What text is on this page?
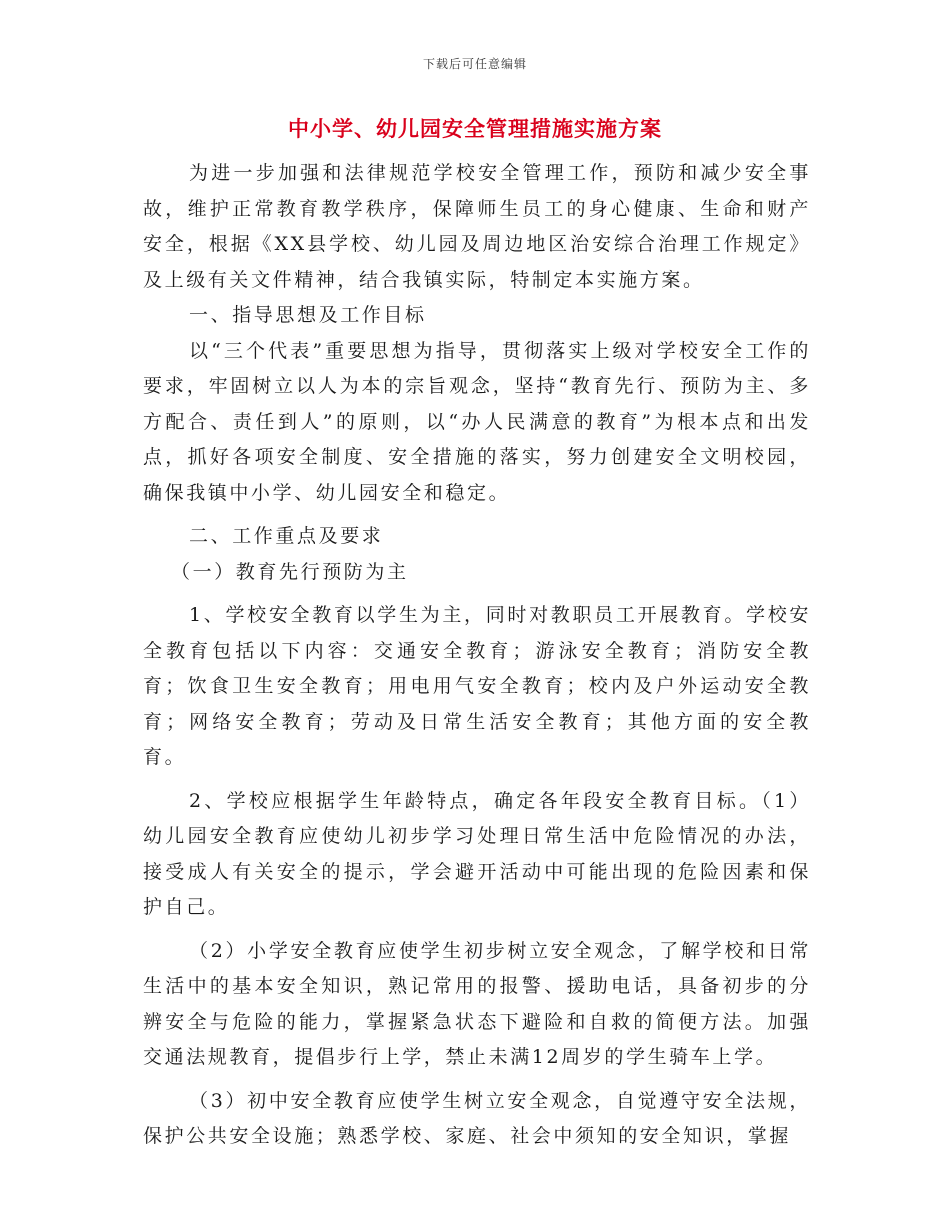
下载后可任意编辑
中小学、幼儿园安全管理措施实施方案

为进一步加强和法律规范学校安全管理工作，预防和减少安全事故，维护正常教育教学秩序，保障师生员工的身心健康、生命和财产安全，根据《XX县学校、幼儿园及周边地区治安综合治理工作规定》及上级有关文件精神，结合我镇实际，特制定本实施方案。

一、指导思想及工作目标

以“三个代表”重要思想为指导，贯彻落实上级对学校安全工作的要求，牢固树立以人为本的宗旨观念，坚持“教育先行、预防为主、多方配合、责任到人”的原则，以“办人民满意的教育”为根本点和出发点，抓好各项安全制度、安全措施的落实，努力创建安全文明校园，确保我镇中小学、幼儿园安全和稳定。

二、工作重点及要求

（一）教育先行预防为主

1、学校安全教育以学生为主，同时对教职员工开展教育。学校安全教育包括以下内容：交通安全教育；游泳安全教育；消防安全教育；饮食卫生安全教育；用电用气安全教育；校内及户外运动安全教育；网络安全教育；劳动及日常生活安全教育；其他方面的安全教育。

2、学校应根据学生年龄特点，确定各年段安全教育目标。（1）幼儿园安全教育应使幼儿初步学习处理日常生活中危险情况的办法，接受成人有关安全的提示，学会避开活动中可能出现的危险因素和保护自己。

（2）小学安全教育应使学生初步树立安全观念，了解学校和日常生活中的基本安全知识，熟记常用的报警、援助电话，具备初步的分辨安全与危险的能力，掌握紧急状态下避险和自救的简便方法。加强交通法规教育，提倡步行上学，禁止未满12周岁的学生骑车上学。

（3）初中安全教育应使学生树立安全观念，自觉遵守安全法规，保护公共安全设施；熟悉学校、家庭、社会中须知的安全知识，掌握
